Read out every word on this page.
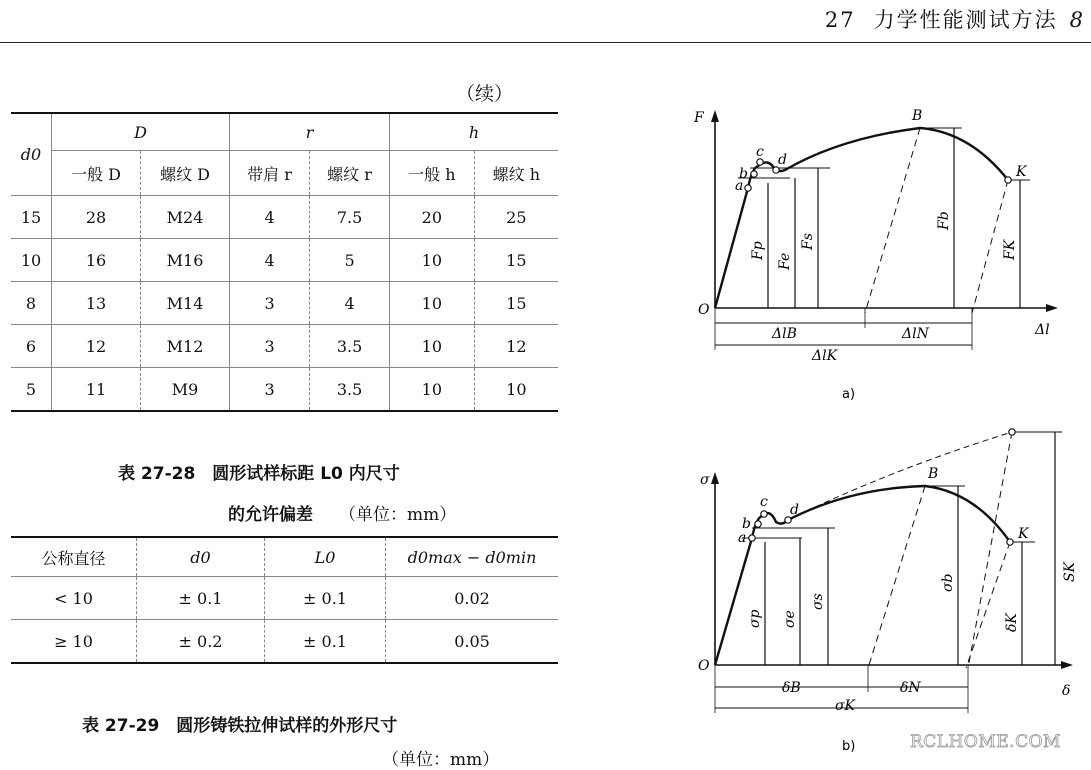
27 力学性能测试方法 8
（续）
d0	D		r		h	
	一般 D	螺纹 D	带肩 r	螺纹 r	一般 h	螺纹 h
15	28	M24	4	7.5	20	25
10	16	M16	4	5	10	15
8	13	M14	3	4	10	15
6	12	M12	3	3.5	10	12
5	11	M9	3	3.5	10	10
表 27-28　圆形试样标距 L0 内尺寸
的允许偏差 （单位：mm）
公称直径	d0	L0	d0max − d0min
< 10	± 0.1	± 0.1	0.02
≥ 10	± 0.2	± 0.1	0.05
表 27-29　圆形铸铁拉伸试样的外形尺寸
（单位：mm）
F
O
Δl
a
b
c d
B
K
Fp
Fe
Fs
Fb
FK
ΔlB	ΔlN
ΔlK
a)
σ
O
δ
a
b
c d
B
K
σp σe
σs
σb
SK
δB
σK
δN
δK
b)	RCLHOME.COM
